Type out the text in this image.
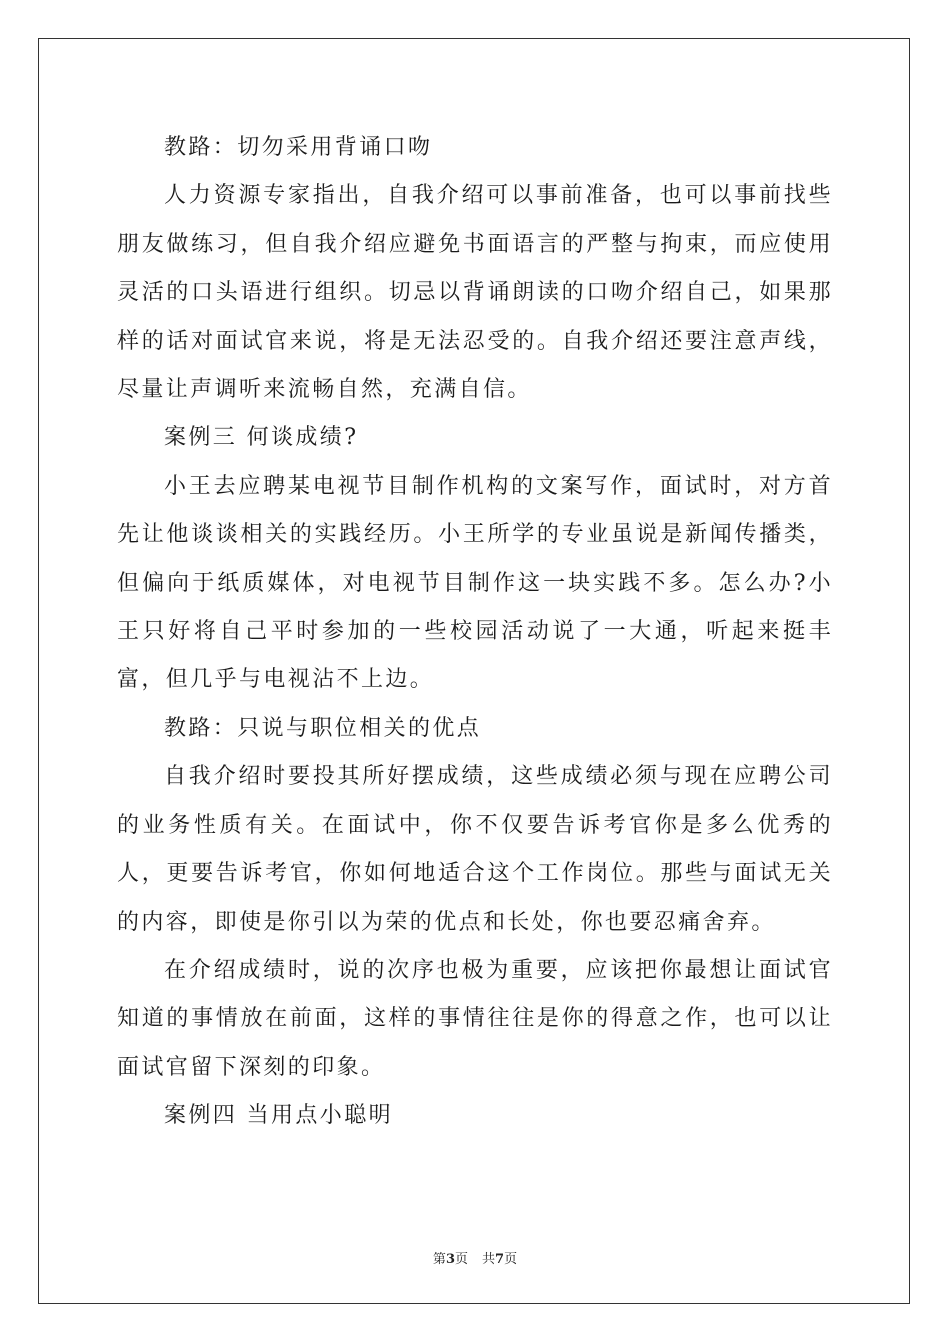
教路：切勿采用背诵口吻

人力资源专家指出，自我介绍可以事前准备，也可以事前找些朋友做练习，但自我介绍应避免书面语言的严整与拘束，而应使用灵活的口头语进行组织。切忌以背诵朗读的口吻介绍自己，如果那样的话对面试官来说，将是无法忍受的。自我介绍还要注意声线，尽量让声调听来流畅自然，充满自信。

案例三 何谈成绩?

小王去应聘某电视节目制作机构的文案写作，面试时，对方首先让他谈谈相关的实践经历。小王所学的专业虽说是新闻传播类，但偏向于纸质媒体，对电视节目制作这一块实践不多。怎么办?小王只好将自己平时参加的一些校园活动说了一大通，听起来挺丰富，但几乎与电视沾不上边。

教路：只说与职位相关的优点

自我介绍时要投其所好摆成绩，这些成绩必须与现在应聘公司的业务性质有关。在面试中，你不仅要告诉考官你是多么优秀的人，更要告诉考官，你如何地适合这个工作岗位。那些与面试无关的内容，即使是你引以为荣的优点和长处，你也要忍痛舍弃。

在介绍成绩时，说的次序也极为重要，应该把你最想让面试官知道的事情放在前面，这样的事情往往是你的得意之作，也可以让面试官留下深刻的印象。

案例四 当用点小聪明

第3页 共7页
